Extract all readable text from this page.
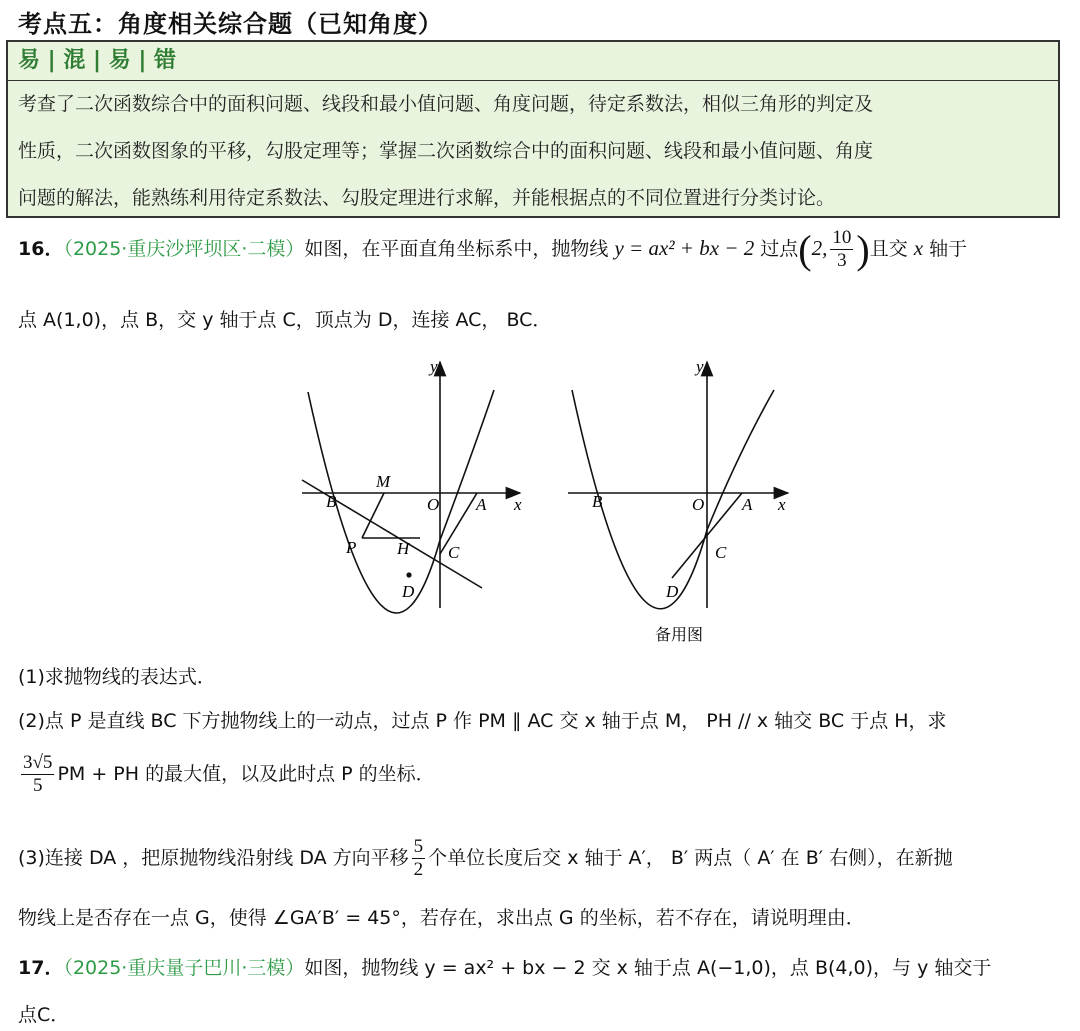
考点五：角度相关综合题（已知角度）
易 | 混 | 易 | 错
考查了二次函数综合中的面积问题、线段和最小值问题、角度问题，待定系数法，相似三角形的判定及
性质，二次函数图象的平移，勾股定理等；掌握二次函数综合中的面积问题、线段和最小值问题、角度
问题的解法，能熟练利用待定系数法、勾股定理进行求解，并能根据点的不同位置进行分类讨论。
16．（2025·重庆沙坪坝区·二模）如图，在平面直角坐标系中，抛物线 y = ax² + bx − 2 过点(2, $\frac{10}{3}$ )且交 x 轴于
点 A(1,0)，点 B，交 y 轴于点 C，顶点为 D，连接 AC， BC．
y
x
O A
B
C
D
M
P H
y
x
O A
B
C
D
备用图
(1)求抛物线的表达式．
(2)点 P 是直线 BC 下方抛物线上的一动点，过点 P 作 PM ∥ AC 交 x 轴于点 M， PH // x 轴交 BC 于点 H，求
$\frac{3√5}{5}$ PM + PH 的最大值，以及此时点 P 的坐标．
(3)连接 DA ，把原抛物线沿射线 DA 方向平移 $\frac{5}{2}$ 个单位长度后交 x 轴于 A′， B′ 两点（ A′ 在 B′ 右侧），在新抛
物线上是否存在一点 G，使得 ∠GA′B′ = 45°，若存在，求出点 G 的坐标，若不存在，请说明理由．
17．（2025·重庆量子巴川·三模）如图，抛物线 y = ax² + bx − 2 交 x 轴于点 A(−1,0)，点 B(4,0)，与 y 轴交于
点C．
